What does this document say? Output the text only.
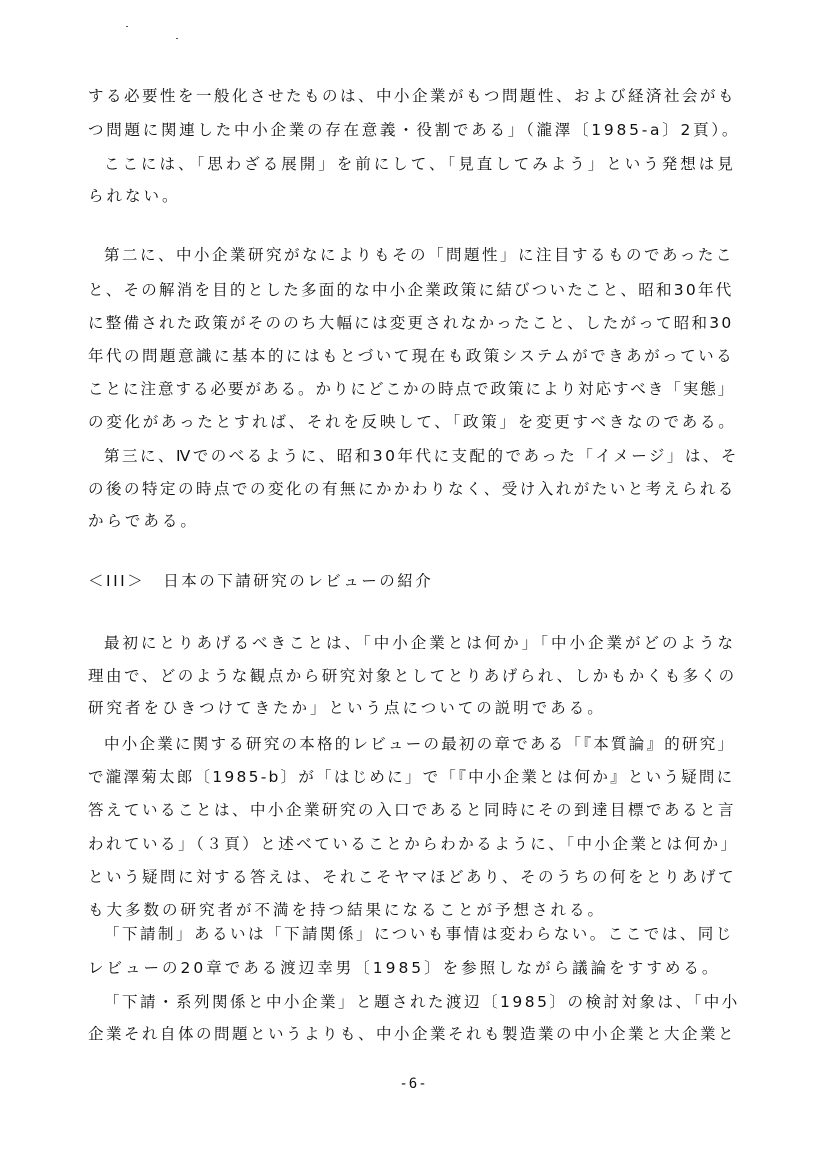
する必要性を一般化させたものは、中小企業がもつ問題性、および経済社会がも
つ問題に関連した中小企業の存在意義・役割である」（瀧澤〔1985-a〕2頁）。
ここには、「思わざる展開」を前にして、「見直してみよう」という発想は見
られない。
第二に、中小企業研究がなによりもその「問題性」に注目するものであったこ
と、その解消を目的とした多面的な中小企業政策に結びついたこと、昭和30年代
に整備された政策がそののち大幅には変更されなかったこと、したがって昭和30
年代の問題意識に基本的にはもとづいて現在も政策システムができあがっている
ことに注意する必要がある。かりにどこかの時点で政策により対応すべき「実態」
の変化があったとすれば、それを反映して、「政策」を変更すべきなのである。
第三に、Ⅳでのべるように、昭和30年代に支配的であった「イメージ」は、そ
の後の特定の時点での変化の有無にかかわりなく、受け入れがたいと考えられる
からである。
＜III＞　日本の下請研究のレビューの紹介
最初にとりあげるべきことは、「中小企業とは何か」「中小企業がどのような
理由で、どのような観点から研究対象としてとりあげられ、しかもかくも多くの
研究者をひきつけてきたか」という点についての説明である。
中小企業に関する研究の本格的レビューの最初の章である「『本質論』的研究」
で瀧澤菊太郎〔1985-b〕が「はじめに」で「『中小企業とは何か』という疑問に
答えていることは、中小企業研究の入口であると同時にその到達目標であると言
われている」（３頁）と述べていることからわかるように、「中小企業とは何か」
という疑問に対する答えは、それこそヤマほどあり、そのうちの何をとりあげて
も大多数の研究者が不満を持つ結果になることが予想される。
「下請制」あるいは「下請関係」についも事情は変わらない。ここでは、同じ
レビューの20章である渡辺幸男〔1985〕を参照しながら議論をすすめる。
「下請・系列関係と中小企業」と題された渡辺〔1985〕の検討対象は、「中小
企業それ自体の問題というよりも、中小企業それも製造業の中小企業と大企業と
-6-
